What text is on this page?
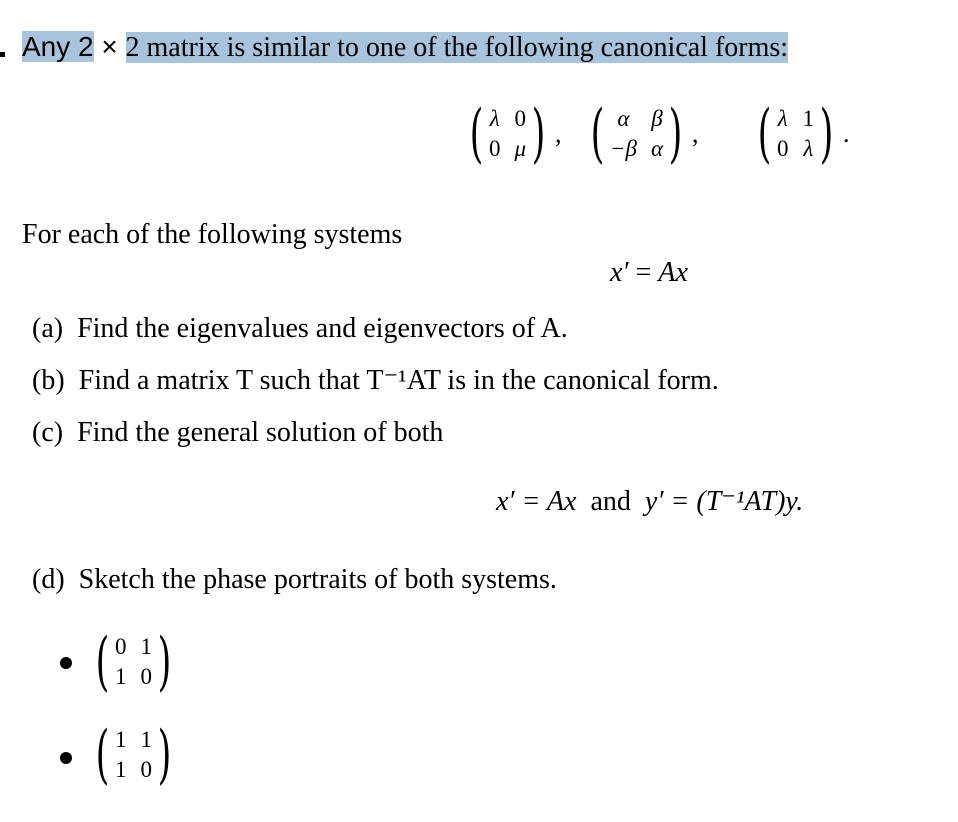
Any 2 × 2 matrix is similar to one of the following canonical forms:
( λ 0
0 μ ) , ( α β
−β α ) , ( λ 1
0 λ ) .
For each of the following systems
x′ = Ax
(a) Find the eigenvalues and eigenvectors of A.
(b) Find a matrix T such that T⁻¹AT is in the canonical form.
(c) Find the general solution of both
x′ = Ax and y′ = (T⁻¹AT)y.
(d) Sketch the phase portraits of both systems.
( 0 1
1 0 )
( 1 1
1 0 )
